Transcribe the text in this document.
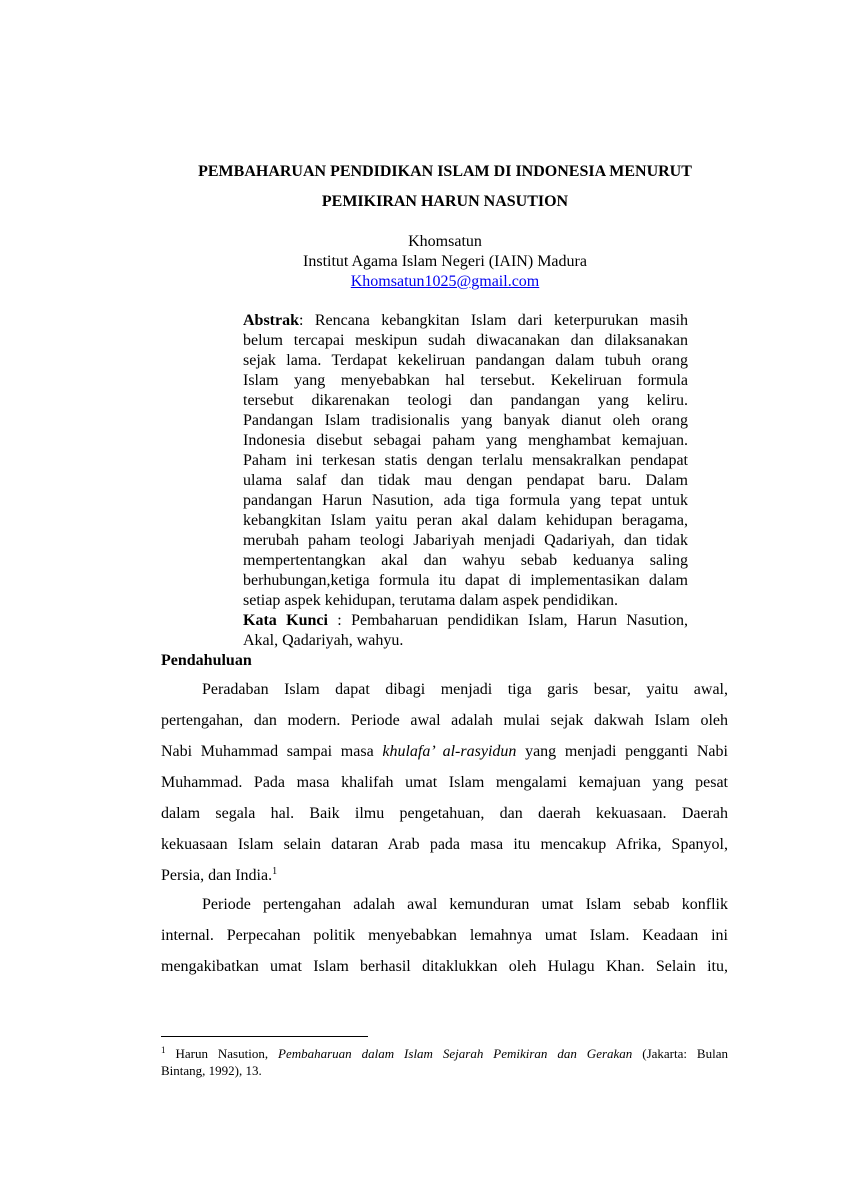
PEMBAHARUAN PENDIDIKAN ISLAM DI INDONESIA MENURUT
PEMIKIRAN HARUN NASUTION
Khomsatun
Institut Agama Islam Negeri (IAIN) Madura
Khomsatun1025@gmail.com
Abstrak: Rencana kebangkitan Islam dari keterpurukan masih
belum tercapai meskipun sudah diwacanakan dan dilaksanakan
sejak lama. Terdapat kekeliruan pandangan dalam tubuh orang
Islam yang menyebabkan hal tersebut. Kekeliruan formula
tersebut dikarenakan teologi dan pandangan yang keliru.
Pandangan Islam tradisionalis yang banyak dianut oleh orang
Indonesia disebut sebagai paham yang menghambat kemajuan.
Paham ini terkesan statis dengan terlalu mensakralkan pendapat
ulama salaf dan tidak mau dengan pendapat baru. Dalam
pandangan Harun Nasution, ada tiga formula yang tepat untuk
kebangkitan Islam yaitu peran akal dalam kehidupan beragama,
merubah paham teologi Jabariyah menjadi Qadariyah, dan tidak
mempertentangkan akal dan wahyu sebab keduanya saling
berhubungan,ketiga formula itu dapat di implementasikan dalam
setiap aspek kehidupan, terutama dalam aspek pendidikan.
Kata Kunci : Pembaharuan pendidikan Islam, Harun Nasution,
Akal, Qadariyah, wahyu.
Pendahuluan
Peradaban Islam dapat dibagi menjadi tiga garis besar, yaitu awal,
pertengahan, dan modern. Periode awal adalah mulai sejak dakwah Islam oleh
Nabi Muhammad sampai masa khulafa’ al-rasyidun yang menjadi pengganti Nabi
Muhammad. Pada masa khalifah umat Islam mengalami kemajuan yang pesat
dalam segala hal. Baik ilmu pengetahuan, dan daerah kekuasaan. Daerah
kekuasaan Islam selain dataran Arab pada masa itu mencakup Afrika, Spanyol,
Persia, dan India.$^1$
Periode pertengahan adalah awal kemunduran umat Islam sebab konflik
internal. Perpecahan politik menyebabkan lemahnya umat Islam. Keadaan ini
mengakibatkan umat Islam berhasil ditaklukkan oleh Hulagu Khan. Selain itu,
$^1$ Harun Nasution, Pembaharuan dalam Islam Sejarah Pemikiran dan Gerakan (Jakarta: Bulan
Bintang, 1992), 13.
